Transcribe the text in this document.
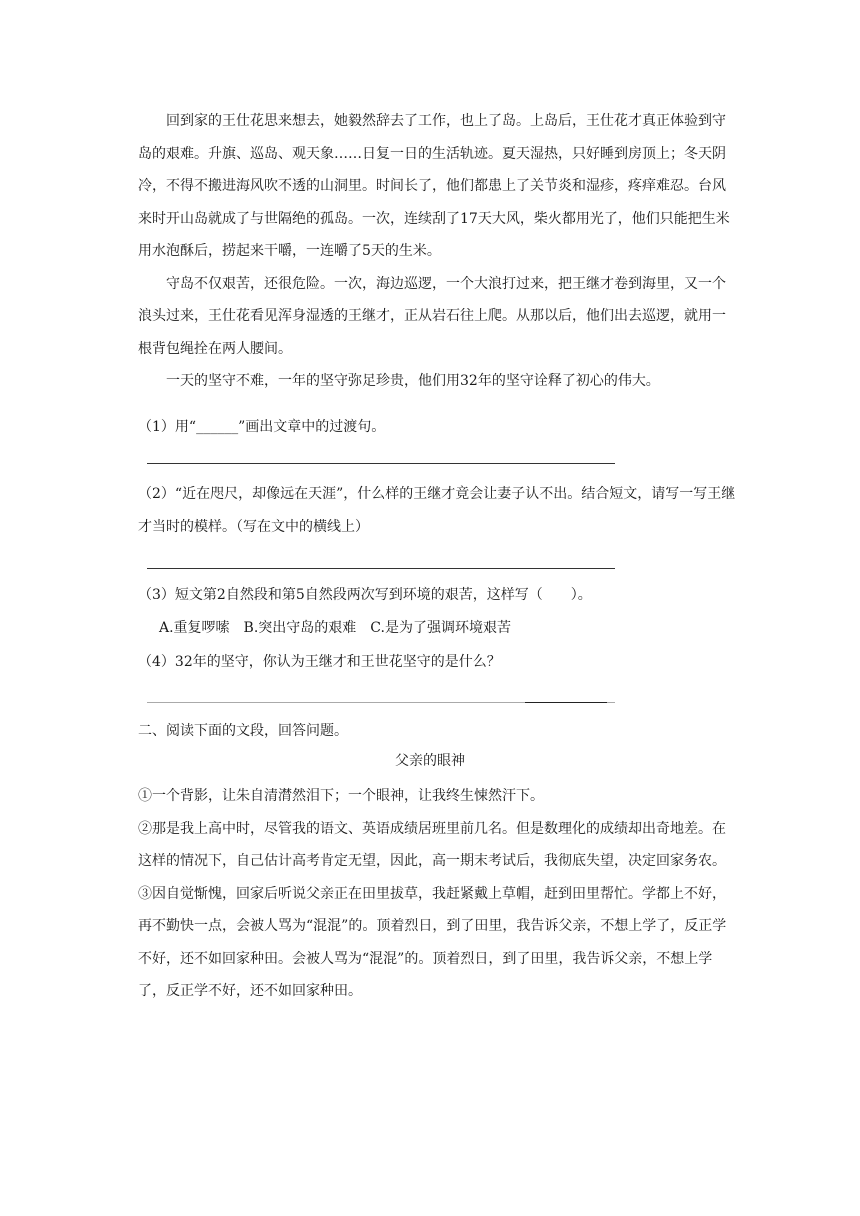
回到家的王仕花思来想去，她毅然辞去了工作，也上了岛。上岛后，王仕花才真正体验到守岛的艰难。升旗、巡岛、观天象……日复一日的生活轨迹。夏天湿热，只好睡到房顶上；冬天阴冷，不得不搬进海风吹不透的山洞里。时间长了，他们都患上了关节炎和湿疹，疼痒难忍。台风来时开山岛就成了与世隔绝的孤岛。一次，连续刮了17天大风，柴火都用光了，他们只能把生米用水泡酥后，捞起来干嚼，一连嚼了5天的生米。

守岛不仅艰苦，还很危险。一次，海边巡逻，一个大浪打过来，把王继才卷到海里，又一个浪头过来，王仕花看见浑身湿透的王继才，正从岩石往上爬。从那以后，他们出去巡逻，就用一根背包绳拴在两人腰间。

一天的坚守不难，一年的坚守弥足珍贵，他们用32年的坚守诠释了初心的伟大。

（1）用“______”画出文章中的过渡句。

（2）“近在咫尺，却像远在天涯”，什么样的王继才竟会让妻子认不出。结合短文，请写一写王继才当时的模样。（写在文中的横线上）

（3）短文第2自然段和第5自然段两次写到环境的艰苦，这样写（　　）。

A.重复啰嗦　B.突出守岛的艰难　C.是为了强调环境艰苦

（4）32年的坚守，你认为王继才和王世花坚守的是什么？

二、阅读下面的文段，回答问题。

父亲的眼神

①一个背影，让朱自清潸然泪下；一个眼神，让我终生悚然汗下。

②那是我上高中时，尽管我的语文、英语成绩居班里前几名。但是数理化的成绩却出奇地差。在这样的情况下，自己估计高考肯定无望，因此，高一期末考试后，我彻底失望，决定回家务农。

③因自觉惭愧，回家后听说父亲正在田里拔草，我赶紧戴上草帽，赶到田里帮忙。学都上不好，再不勤快一点，会被人骂为“混混”的。顶着烈日，到了田里，我告诉父亲，不想上学了，反正学不好，还不如回家种田。会被人骂为“混混”的。顶着烈日，到了田里，我告诉父亲，不想上学了，反正学不好，还不如回家种田。
